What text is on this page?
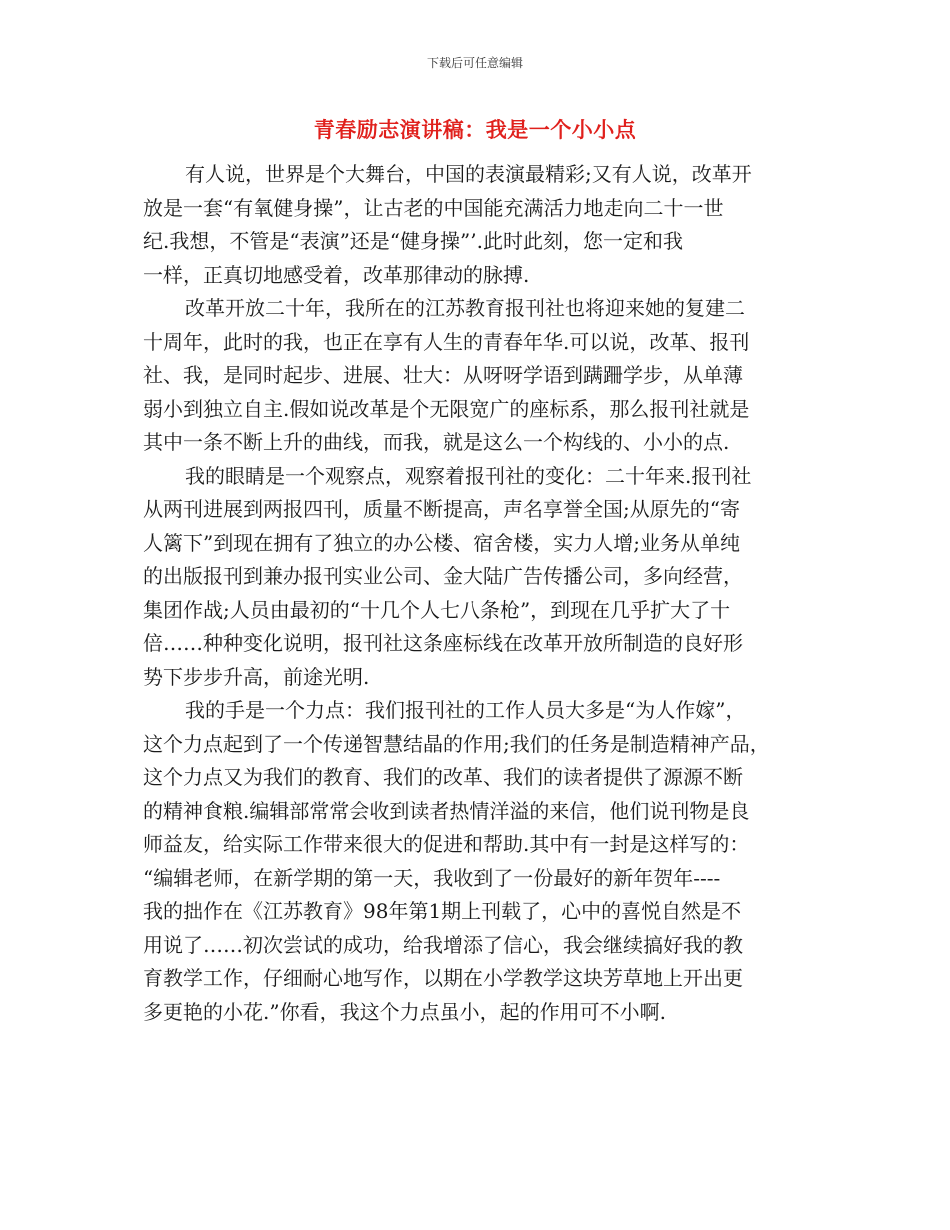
下载后可任意编辑
青春励志演讲稿：我是一个小小点
有人说，世界是个大舞台，中国的表演最精彩;又有人说，改革开
放是一套“有氧健身操”，让古老的中国能充满活力地走向二十一世
纪.我想，不管是“表演”还是“健身操”’.此时此刻，您一定和我
一样，正真切地感受着，改革那律动的脉搏.
改革开放二十年，我所在的江苏教育报刊社也将迎来她的复建二
十周年，此时的我，也正在享有人生的青春年华.可以说，改革、报刊
社、我，是同时起步、进展、壮大：从呀呀学语到蹒跚学步，从单薄
弱小到独立自主.假如说改革是个无限宽广的座标系，那么报刊社就是
其中一条不断上升的曲线，而我，就是这么一个构线的、小小的点.
我的眼睛是一个观察点，观察着报刊社的变化：二十年来.报刊社
从两刊进展到两报四刊，质量不断提高，声名享誉全国;从原先的“寄
人篱下”到现在拥有了独立的办公楼、宿舍楼，实力人增;业务从单纯
的出版报刊到兼办报刊实业公司、金大陆广告传播公司，多向经营，
集团作战;人员由最初的“十几个人七八条枪”，到现在几乎扩大了十
倍……种种变化说明，报刊社这条座标线在改革开放所制造的良好形
势下步步升高，前途光明.
我的手是一个力点：我们报刊社的工作人员大多是“为人作嫁”，
这个力点起到了一个传递智慧结晶的作用;我们的任务是制造精神产品，
这个力点又为我们的教育、我们的改革、我们的读者提供了源源不断
的精神食粮.编辑部常常会收到读者热情洋溢的来信，他们说刊物是良
师益友，给实际工作带来很大的促进和帮助.其中有一封是这样写的：
“编辑老师，在新学期的第一天，我收到了一份最好的新年贺年----
我的拙作在《江苏教育》98年第1期上刊载了，心中的喜悦自然是不
用说了……初次尝试的成功，给我增添了信心，我会继续搞好我的教
育教学工作，仔细耐心地写作，以期在小学教学这块芳草地上开出更
多更艳的小花.”你看，我这个力点虽小，起的作用可不小啊.
